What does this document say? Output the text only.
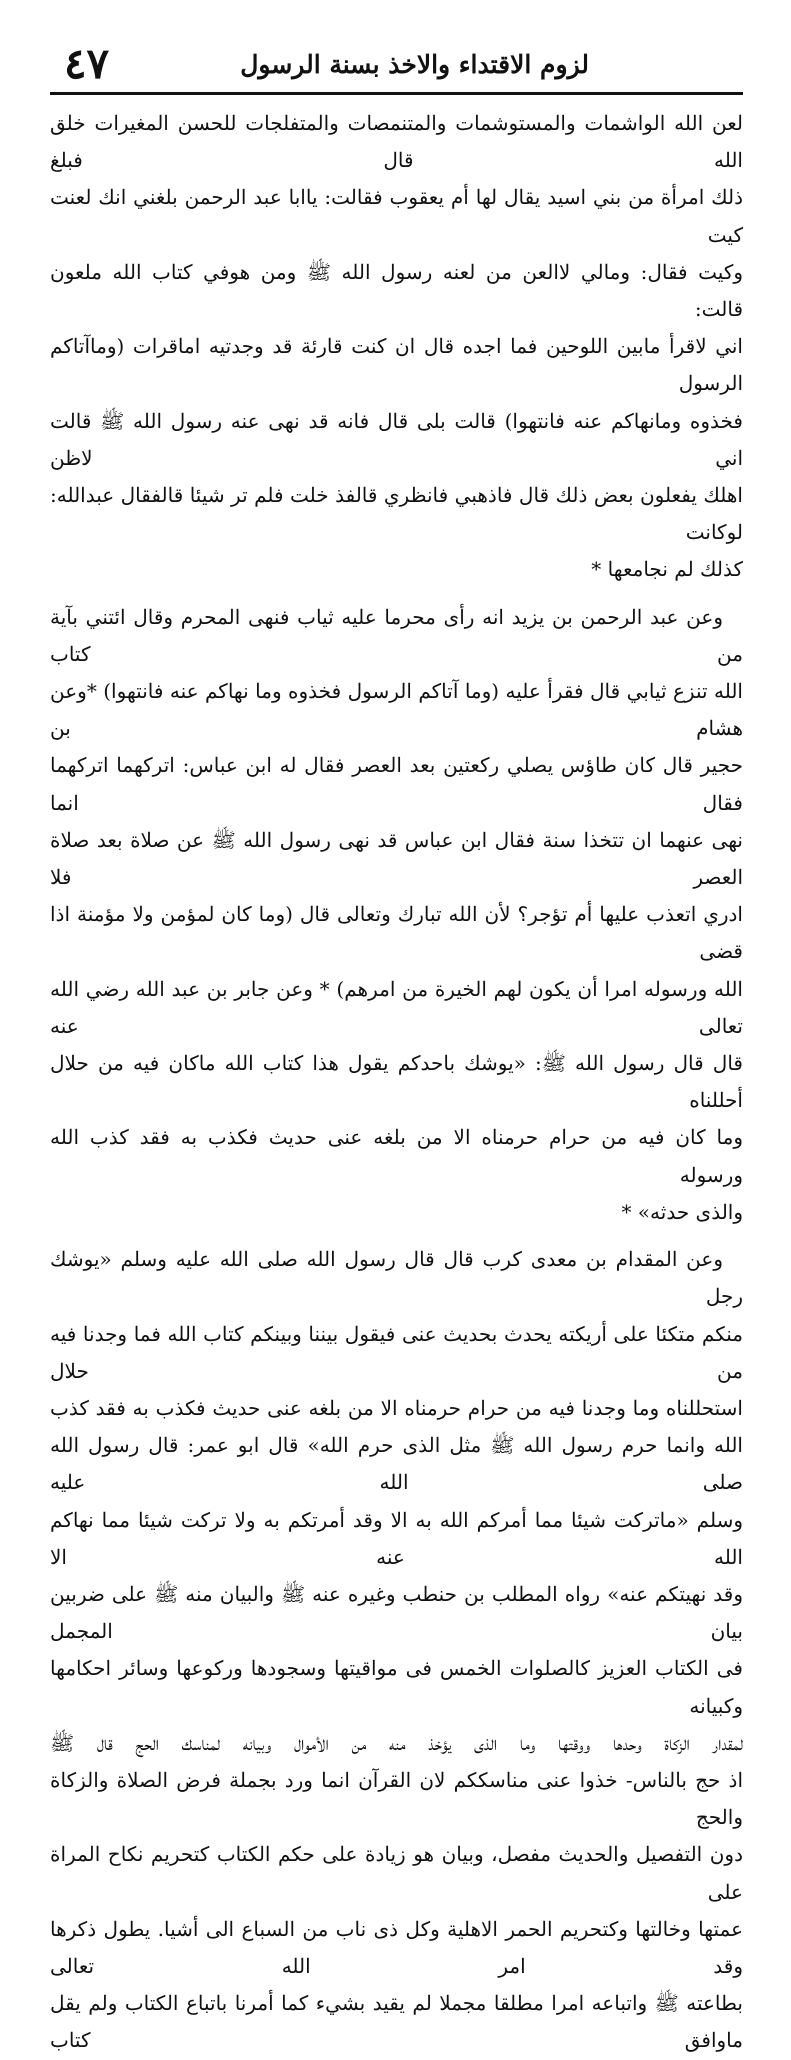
لزوم الاقتداء والاخذ بسنة الرسول
٤٧

لعن الله الواشمات والمستوشمات والمتنمصات والمتفلجات للحسن المغيرات خلق الله قال فبلغ

ذلك امرأة من بني اسيد يقال لها أم يعقوب فقالت: ياابا عبد الرحمن بلغني انك لعنت كيت

وكيت فقال: ومالي لاالعن من لعنه رسول الله ﷺ ومن هوفي كتاب الله ملعون قالت:

اني لاقرأ مابين اللوحين فما اجده قال ان كنت قارئة قد وجدتيه اماقرات (وماآتاكم الرسول

فخذوه ومانهاكم عنه فانتهوا) قالت بلى قال فانه قد نهى عنه رسول الله ﷺ قالت اني لاظن

اهلك يفعلون بعض ذلك قال فاذهبي فانظري قالفذ خلت فلم تر شيئا قالفقال عبدالله: لوكانت

كذلك لم نجامعها *

وعن عبد الرحمن بن يزيد انه رأى محرما عليه ثياب فنهى المحرم وقال ائتني بآية من كتاب

الله تنزع ثيابي قال فقرأ عليه (وما آتاكم الرسول فخذوه وما نهاكم عنه فانتهوا) *وعن هشام بن

حجير قال كان طاؤس يصلي ركعتين بعد العصر فقال له ابن عباس: اتركهما اتركهما فقال انما

نهى عنهما ان تتخذا سنة فقال ابن عباس قد نهى رسول الله ﷺ عن صلاة بعد صلاة العصر فلا

ادري اتعذب عليها أم تؤجر؟ لأن الله تبارك وتعالى قال (وما كان لمؤمن ولا مؤمنة اذا قضى

الله ورسوله امرا أن يكون لهم الخيرة من امرهم) * وعن جابر بن عبد الله رضي الله تعالى عنه

قال قال رسول الله ﷺ: «يوشك باحدكم يقول هذا كتاب الله ماكان فيه من حلال أحللناه

وما كان فيه من حرام حرمناه الا من بلغه عنى حديث فكذب به فقد كذب الله ورسوله

والذى حدثه» *

وعن المقدام بن معدى كرب قال قال رسول الله صلى الله عليه وسلم «يوشك رجل

منكم متكئا على أريكته يحدث بحديث عنى فيقول بيننا وبينكم كتاب الله فما وجدنا فيه من حلال

استحللناه وما وجدنا فيه من حرام حرمناه الا من بلغه عنى حديث فكذب به فقد كذب

الله وانما حرم رسول الله ﷺ مثل الذى حرم الله» قال ابو عمر: قال رسول الله صلى الله عليه

وسلم «ماتركت شيئا مما أمركم الله به الا وقد أمرتكم به ولا تركت شيئا مما نهاكم الله عنه الا

وقد نهيتكم عنه» رواه المطلب بن حنطب وغيره عنه ﷺ والبيان منه ﷺ على ضربين بيان المجمل

فى الكتاب العزيز كالصلوات الخمس فى مواقيتها وسجودها وركوعها وسائر احكامها وكبيانه

لمقدار الزكاة وحدها ووقتها وما الذى يؤخذ منه من الأموال وبيانه لمناسك الحج قال ﷺ

اذ حج بالناس- خذوا عنى مناسككم لان القرآن انما ورد بجملة فرض الصلاة والزكاة والحج

دون التفصيل والحديث مفصل، وبيان هو زيادة على حكم الكتاب كتحريم نكاح المراة على

عمتها وخالتها وكتحريم الحمر الاهلية وكل ذى ناب من السباع الى أشيا. يطول ذكرها وقد امر الله تعالى

بطاعته ﷺ واتباعه امرا مطلقا مجملا لم يقيد بشيء كما أمرنا باتباع الكتاب ولم يقل ماوافق كتاب
